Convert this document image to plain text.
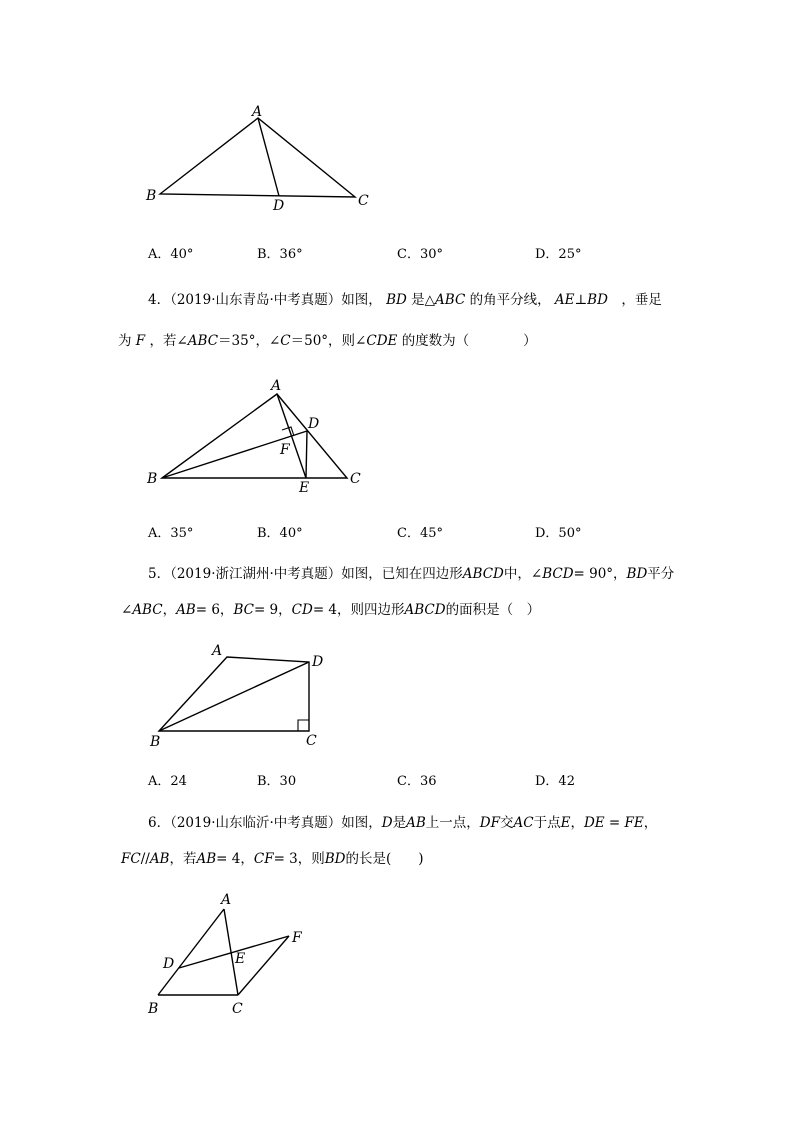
A
B	C
D
A．40°	B．36°	C．30°	D．25°
4．（2019·山东青岛·中考真题）如图， BD 是△ABC 的角平分线， AE⊥BD　 ，垂足
为 F ，若∠ABC＝35°，∠C＝50°，则∠CDE 的度数为（　　　　）
A
B	C
D
E
F
A．35°	B．40°	C．45°	D．50°
5．（2019·浙江湖州·中考真题）如图，已知在四边形ABCD中，∠BCD= 90°，BD平分
∠ABC，AB= 6，BC= 9，CD= 4，则四边形ABCD的面积是（　）
A
B	C
D
A．24	B．30	C．36	D．42
6．（2019·山东临沂·中考真题）如图，D是AB上一点，DF交AC于点E，DE = FE，
FC//AB，若AB= 4，CF= 3，则BD的长是(　　)
A
B	C
D	E
F
